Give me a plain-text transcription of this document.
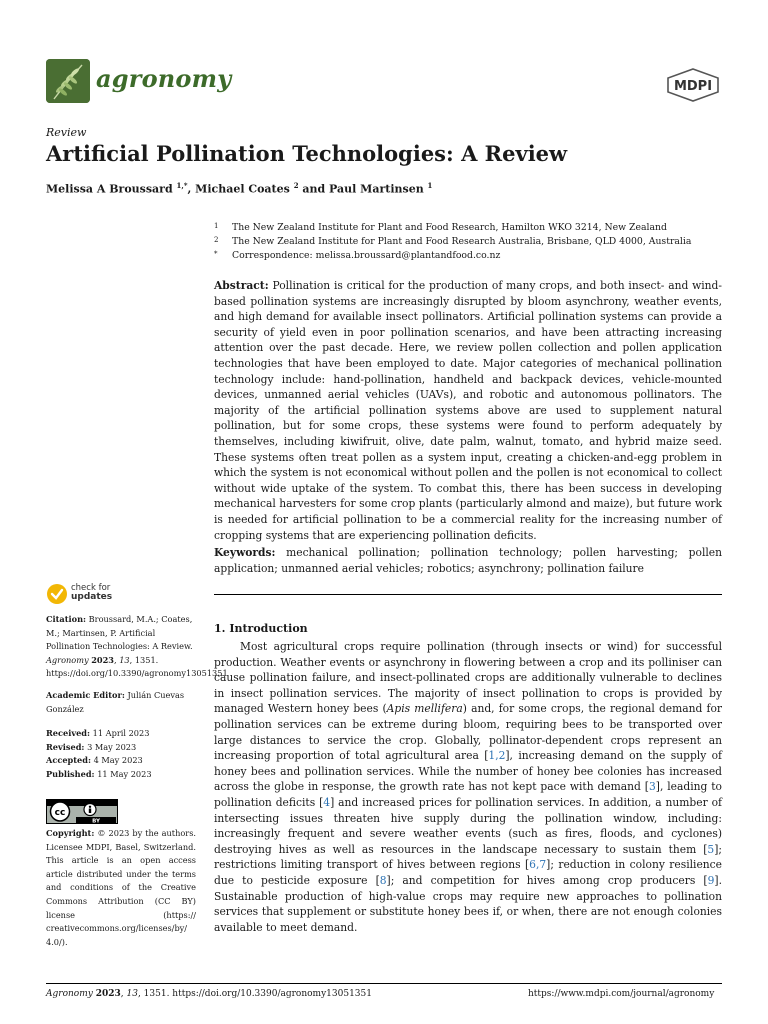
agronomy	MDPI
Review
Artificial Pollination Technologies: A Review
Melissa A Broussard $^{1,*}$, Michael Coates $^2$ and Paul Martinsen $^1$
1 The New Zealand Institute for Plant and Food Research, Hamilton WKO 3214, New Zealand
2 The New Zealand Institute for Plant and Food Research Australia, Brisbane, QLD 4000, Australia
* Correspondence: melissa.broussard@plantandfood.co.nz
Abstract: Pollination is critical for the production of many crops, and both insect- and wind-based pollination systems are increasingly disrupted by bloom asynchrony, weather events, and high demand for available insect pollinators. Artificial pollination systems can provide a security of yield even in poor pollination scenarios, and have been attracting increasing attention over the past decade. Here, we review pollen collection and pollen application technologies that have been employed to date. Major categories of mechanical pollination technology include: hand-pollination, handheld and backpack devices, vehicle-mounted devices, unmanned aerial vehicles (UAVs), and robotic and autonomous pollinators. The majority of the artificial pollination systems above are used to supplement natural pollination, but for some crops, these systems were found to perform adequately by themselves, including kiwifruit, olive, date palm, walnut, tomato, and hybrid maize seed. These systems often treat pollen as a system input, creating a chicken-and-egg problem in which the system is not economical without pollen and the pollen is not economical to collect without wide uptake of the system. To combat this, there has been success in developing mechanical harvesters for some crop plants (particularly almond and maize), but future work is needed for artificial pollination to be a commercial reality for the increasing number of cropping systems that are experiencing pollination deficits.
Keywords: mechanical pollination; pollination technology; pollen harvesting; pollen application; unmanned aerial vehicles; robotics; asynchrony; pollination failure
check for
updates
Citation: Broussard, M.A.; Coates, M.; Martinsen, P. Artificial Pollination Technologies: A Review. Agronomy 2023, 13, 1351. https://doi.org/10.3390/agronomy13051351
Academic Editor: Julián Cuevas González
Received: 11 April 2023
Revised: 3 May 2023
Accepted: 4 May 2023
Published: 11 May 2023
cc
BY
Copyright: © 2023 by the authors. Licensee MDPI, Basel, Switzerland. This article is an open access article distributed under the terms and conditions of the Creative Commons Attribution (CC BY) license (https:// creativecommons.org/licenses/by/ 4.0/).
1. Introduction
Most agricultural crops require pollination (through insects or wind) for successful production. Weather events or asynchrony in flowering between a crop and its polliniser can cause pollination failure, and insect-pollinated crops are additionally vulnerable to declines in insect pollination services. The majority of insect pollination to crops is provided by managed Western honey bees (Apis mellifera) and, for some crops, the regional demand for pollination services can be extreme during bloom, requiring bees to be transported over large distances to service the crop. Globally, pollinator-dependent crops represent an increasing proportion of total agricultural area [1,2], increasing demand on the supply of honey bees and pollination services. While the number of honey bee colonies has increased across the globe in response, the growth rate has not kept pace with demand [3], leading to pollination deficits [4] and increased prices for pollination services. In addition, a number of intersecting issues threaten hive supply during the pollination window, including: increasingly frequent and severe weather events (such as fires, floods, and cyclones) destroying hives as well as resources in the landscape necessary to sustain them [5]; restrictions limiting transport of hives between regions [6,7]; reduction in colony resilience due to pesticide exposure [8]; and competition for hives among crop producers [9]. Sustainable production of high-value crops may require new approaches to pollination services that supplement or substitute honey bees if, or when, there are not enough colonies available to meet demand.
Agronomy 2023, 13, 1351. https://doi.org/10.3390/agronomy13051351	https://www.mdpi.com/journal/agronomy
